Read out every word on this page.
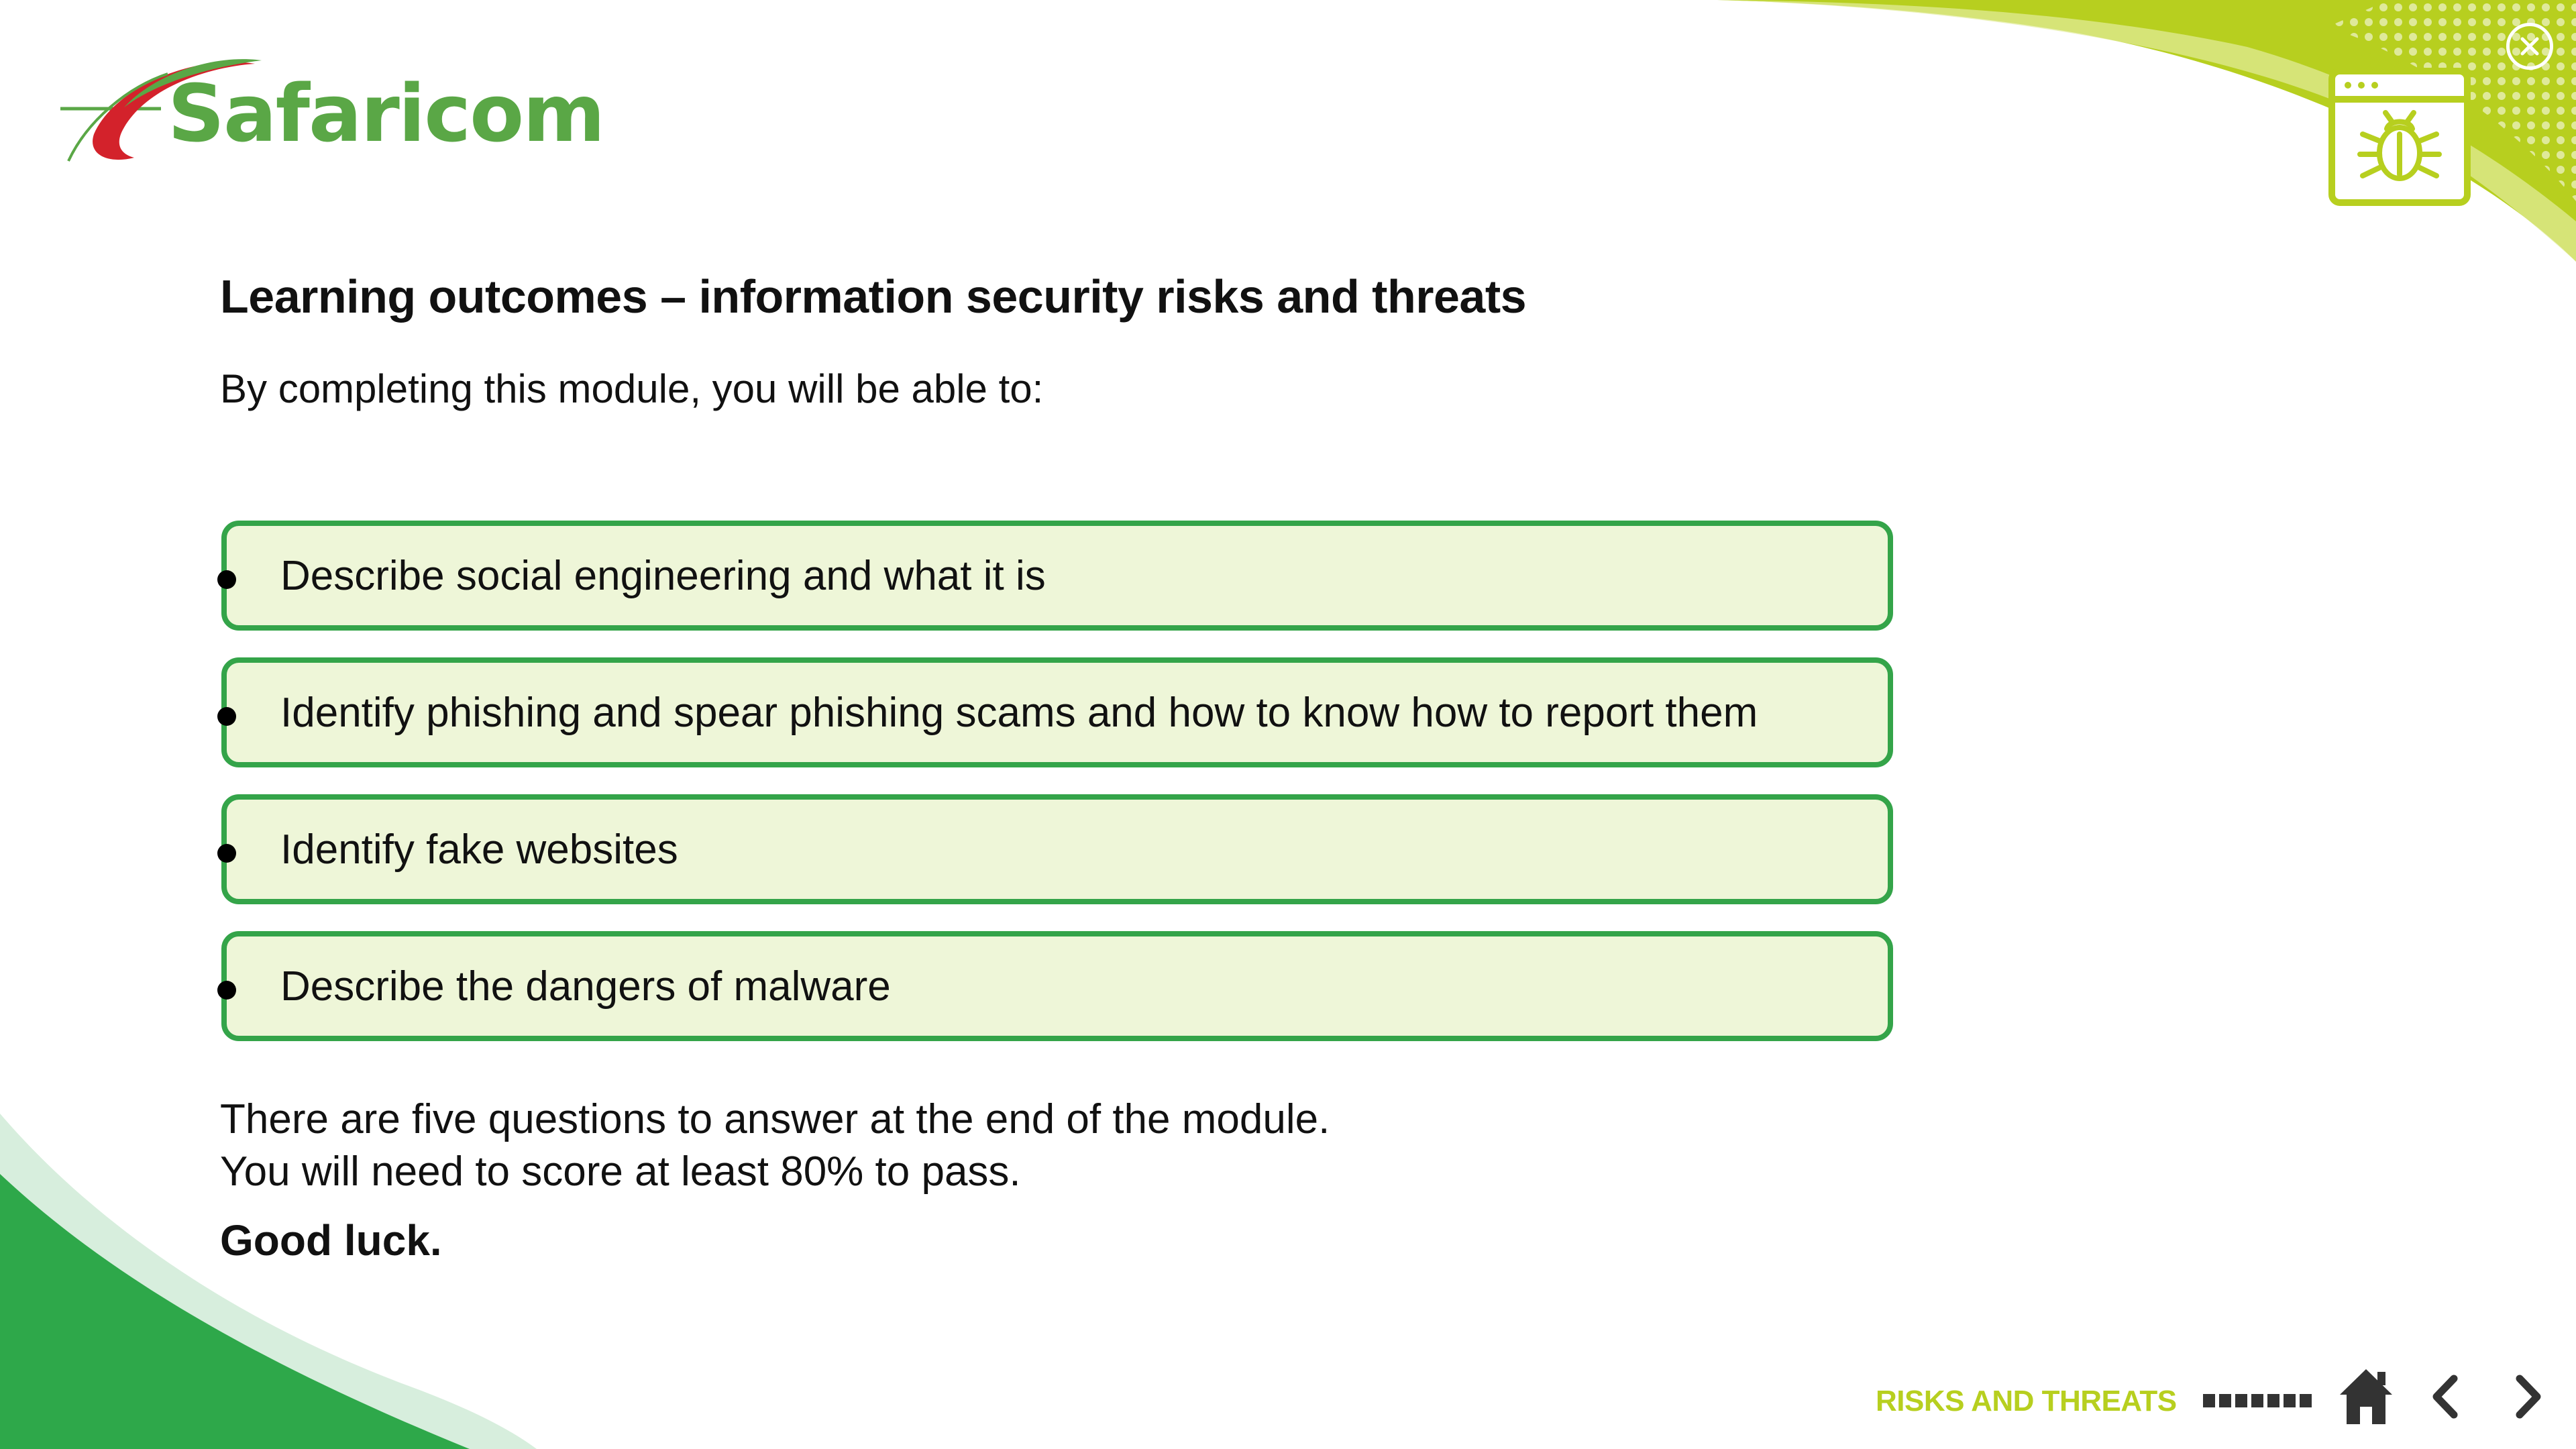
Safaricom
Learning outcomes – information security risks and threats
By completing this module, you will be able to:
Describe social engineering and what it is
Identify phishing and spear phishing scams and how to know how to report them
Identify fake websites
Describe the dangers of malware
There are five questions to answer at the end of the module.
You will need to score at least 80% to pass.
Good luck.
RISKS AND THREATS
